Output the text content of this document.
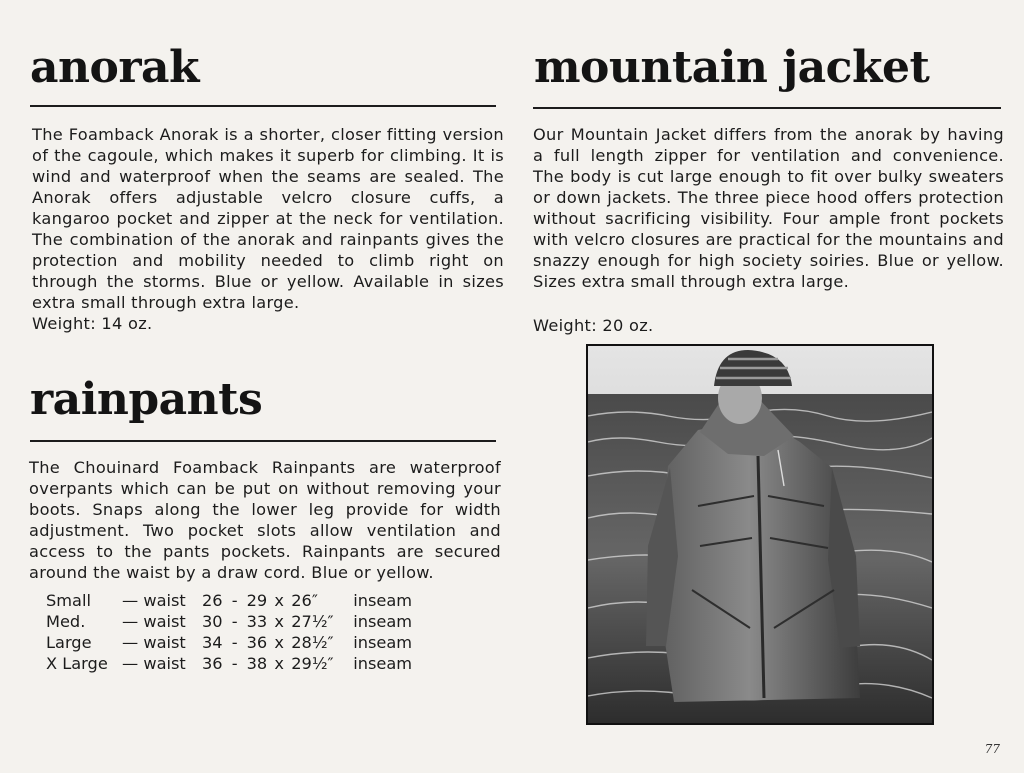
anorak

The Foamback Anorak is a shorter, closer fitting version of the cagoule, which makes it superb for climbing. It is wind and waterproof when the seams are sealed. The Anorak offers adjustable velcro closure cuffs, a kangaroo pocket and zipper at the neck for ventilation. The combination of the anorak and rainpants gives the protection and mobility needed to climb right on through the storms. Blue or yellow. Available in sizes extra small through extra large.

Weight: 14 oz.

rainpants

The Chouinard Foamback Rainpants are waterproof overpants which can be put on without removing your boots. Snaps along the lower leg provide for width adjustment. Two pocket slots allow ventilation and access to the pants pockets. Rainpants are secured around the waist by a draw cord. Blue or yellow.

Small	— waist	26	-	29	x	26″	inseam
Med.	— waist	30	-	33	x	27½″	inseam
Large	— waist	34	-	36	x	28½″	inseam
X Large	— waist	36	-	38	x	29½″	inseam
mountain jacket

Our Mountain Jacket differs from the anorak by having a full length zipper for ventilation and convenience. The body is cut large enough to fit over bulky sweaters or down jackets. The three piece hood offers protection without sacrificing visibility. Four ample front pockets with velcro closures are practical for the mountains and snazzy enough for high society soiries. Blue or yellow. Sizes extra small through extra large.

Weight: 20 oz.

77
